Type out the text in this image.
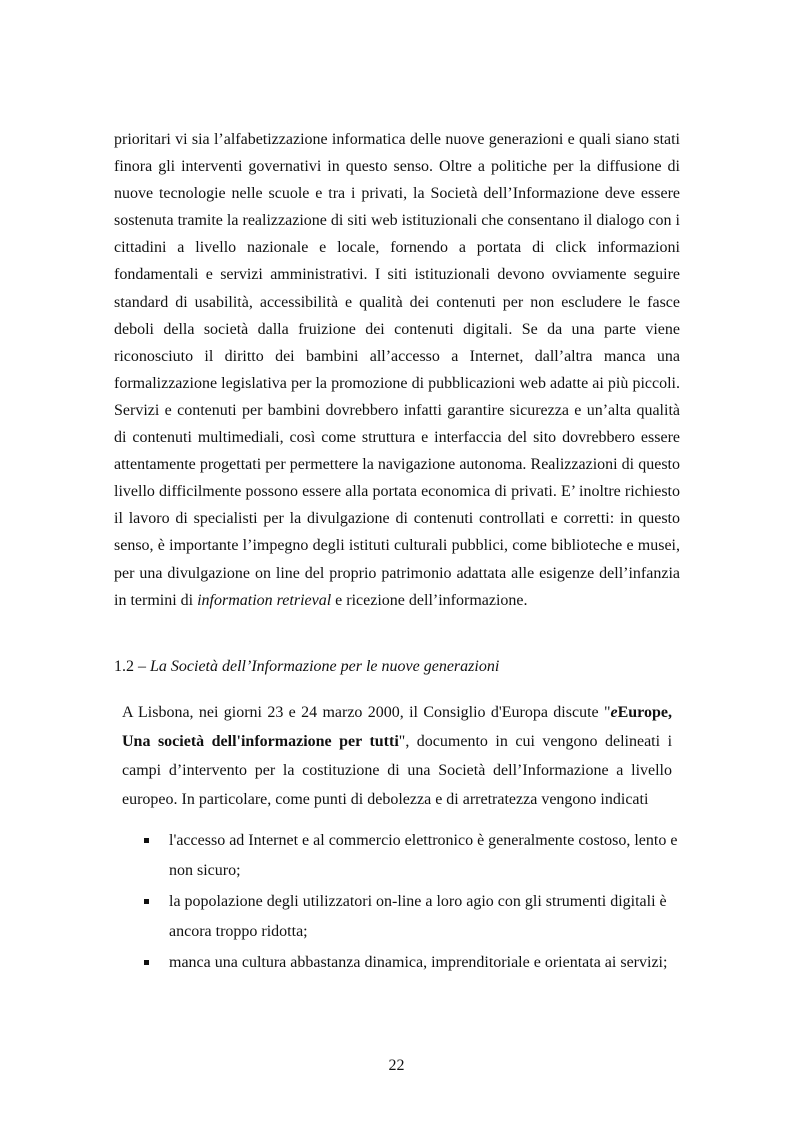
prioritari vi sia l’alfabetizzazione informatica delle nuove generazioni e quali siano stati finora gli interventi governativi in questo senso. Oltre a politiche per la diffusione di nuove tecnologie nelle scuole e tra i privati, la Società dell’Informazione deve essere sostenuta tramite la realizzazione di siti web istituzionali che consentano il dialogo con i cittadini a livello nazionale e locale, fornendo a portata di click informazioni fondamentali e servizi amministrativi. I siti istituzionali devono ovviamente seguire standard di usabilità, accessibilità e qualità dei contenuti per non escludere le fasce deboli della società dalla fruizione dei contenuti digitali. Se da una parte viene riconosciuto il diritto dei bambini all’accesso a Internet, dall’altra manca una formalizzazione legislativa per la promozione di pubblicazioni web adatte ai più piccoli. Servizi e contenuti per bambini dovrebbero infatti garantire sicurezza e un’alta qualità di contenuti multimediali, così come struttura e interfaccia del sito dovrebbero essere attentamente progettati per permettere la navigazione autonoma. Realizzazioni di questo livello difficilmente possono essere alla portata economica di privati. E’ inoltre richiesto il lavoro di specialisti per la divulgazione di contenuti controllati e corretti: in questo senso, è importante l’impegno degli istituti culturali pubblici, come biblioteche e musei, per una divulgazione on line del proprio patrimonio adattata alle esigenze dell’infanzia in termini di information retrieval e ricezione dell’informazione.

1.2 – La Società dell’Informazione per le nuove generazioni

A Lisbona, nei giorni 23 e 24 marzo 2000, il Consiglio d'Europa discute "eEurope, Una società dell'informazione per tutti", documento in cui vengono delineati i campi d’intervento per la costituzione di una Società dell’Informazione a livello europeo. In particolare, come punti di debolezza e di arretratezza vengono indicati

l'accesso ad Internet e al commercio elettronico è generalmente costoso, lento e non sicuro;
la popolazione degli utilizzatori on-line a loro agio con gli strumenti digitali è ancora troppo ridotta;
manca una cultura abbastanza dinamica, imprenditoriale e orientata ai servizi;

22
